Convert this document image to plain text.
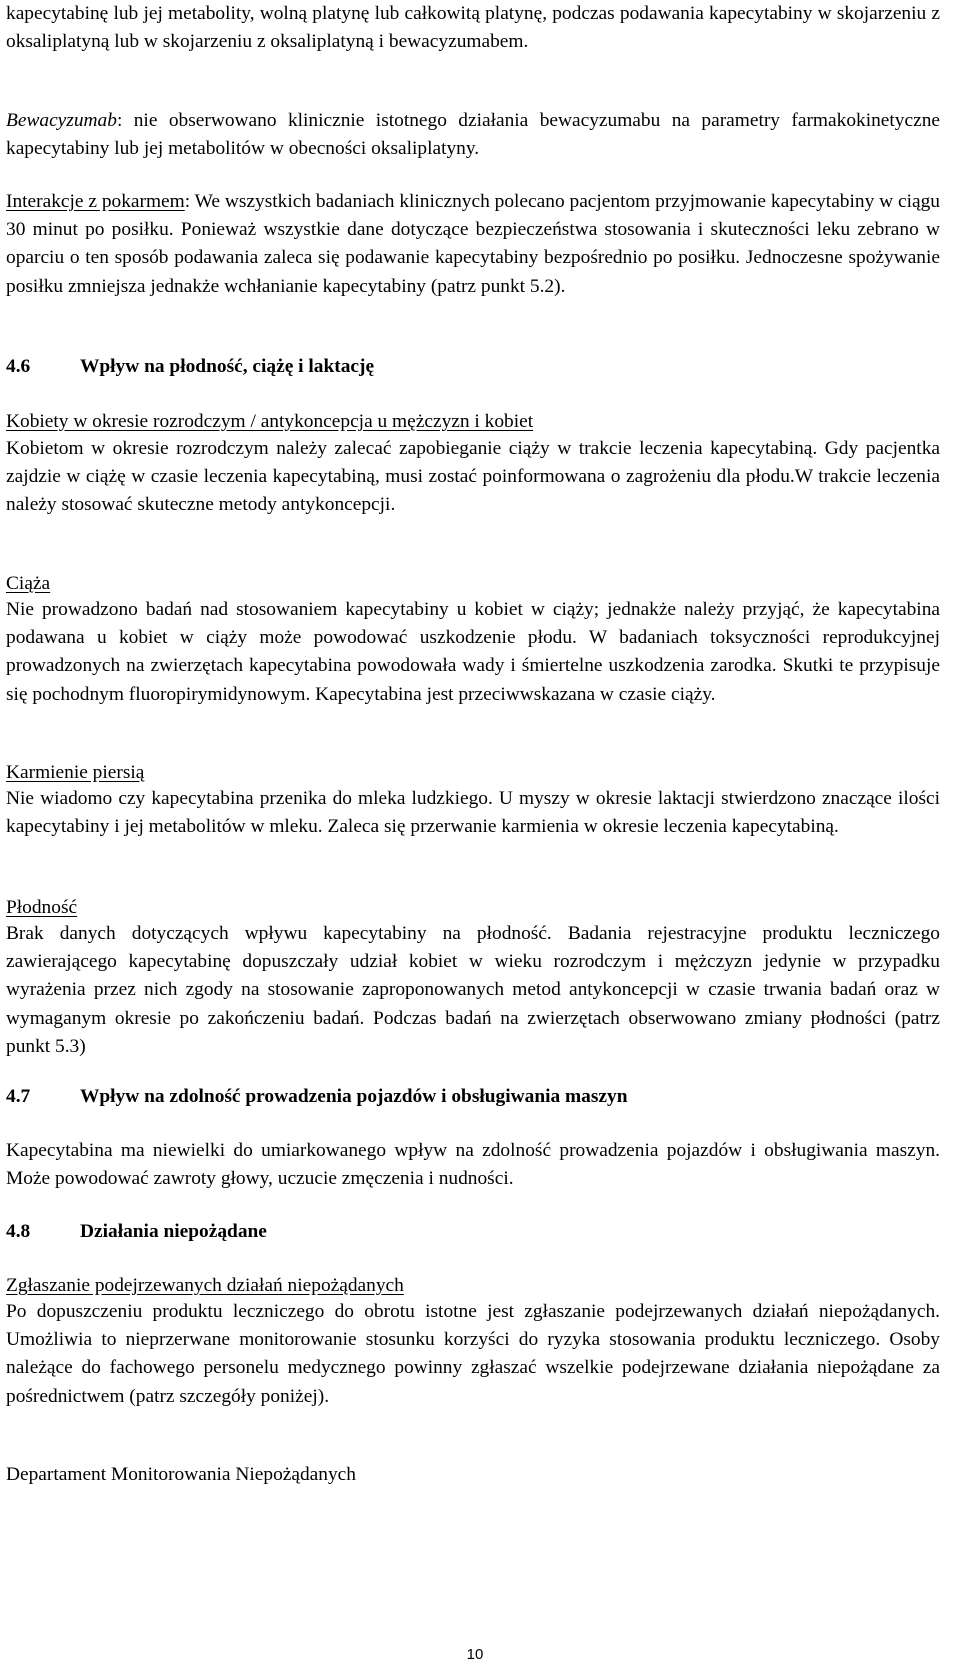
kapecytabinę lub jej metabolity, wolną platynę lub całkowitą platynę, podczas podawania kapecytabiny w skojarzeniu z oksaliplatyną lub w skojarzeniu z oksaliplatyną i bewacyzumabem.

Bewacyzumab: nie obserwowano klinicznie istotnego działania bewacyzumabu na parametry farmakokinetyczne kapecytabiny lub jej metabolitów w obecności oksaliplatyny.

Interakcje z pokarmem: We wszystkich badaniach klinicznych polecano pacjentom przyjmowanie kapecytabiny w ciągu 30 minut po posiłku. Ponieważ wszystkie dane dotyczące bezpieczeństwa stosowania i skuteczności leku zebrano w oparciu o ten sposób podawania zaleca się podawanie kapecytabiny bezpośrednio po posiłku. Jednoczesne spożywanie posiłku zmniejsza jednakże wchłanianie kapecytabiny (patrz punkt 5.2).

4.6	Wpływ na płodność, ciążę i laktację
Kobiety w okresie rozrodczym / antykoncepcja u mężczyzn i kobiet

Kobietom w okresie rozrodczym należy zalecać zapobieganie ciąży w trakcie leczenia kapecytabiną. Gdy pacjentka zajdzie w ciążę w czasie leczenia kapecytabiną, musi zostać poinformowana o zagrożeniu dla płodu.W trakcie leczenia należy stosować skuteczne metody antykoncepcji.

Ciąża

Nie prowadzono badań nad stosowaniem kapecytabiny u kobiet w ciąży; jednakże należy przyjąć, że kapecytabina podawana u kobiet w ciąży może powodować uszkodzenie płodu. W badaniach toksyczności reprodukcyjnej prowadzonych na zwierzętach kapecytabina powodowała wady i śmiertelne uszkodzenia zarodka. Skutki te przypisuje się pochodnym fluoropirymidynowym. Kapecytabina jest przeciwwskazana w czasie ciąży.

Karmienie piersią

Nie wiadomo czy kapecytabina przenika do mleka ludzkiego. U myszy w okresie laktacji stwierdzono znaczące ilości kapecytabiny i jej metabolitów w mleku. Zaleca się przerwanie karmienia w okresie leczenia kapecytabiną.

Płodność

Brak danych dotyczących wpływu kapecytabiny na płodność. Badania rejestracyjne produktu leczniczego zawierającego kapecytabinę dopuszczały udział kobiet w wieku rozrodczym i mężczyzn jedynie w przypadku wyrażenia przez nich zgody na stosowanie zaproponowanych metod antykoncepcji w czasie trwania badań oraz w wymaganym okresie po zakończeniu badań. Podczas badań na zwierzętach obserwowano zmiany płodności (patrz punkt 5.3)

4.7	Wpływ na zdolność prowadzenia pojazdów i obsługiwania maszyn

Kapecytabina ma niewielki do umiarkowanego wpływ na zdolność prowadzenia pojazdów i obsługiwania maszyn. Może powodować zawroty głowy, uczucie zmęczenia i nudności.

4.8	Działania niepożądane
Zgłaszanie podejrzewanych działań niepożądanych

Po dopuszczeniu produktu leczniczego do obrotu istotne jest zgłaszanie podejrzewanych działań niepożądanych. Umożliwia to nieprzerwane monitorowanie stosunku korzyści do ryzyka stosowania produktu leczniczego. Osoby należące do fachowego personelu medycznego powinny zgłaszać wszelkie podejrzewane działania niepożądane za pośrednictwem (patrz szczegóły poniżej).

Departament Monitorowania Niepożądanych

10
